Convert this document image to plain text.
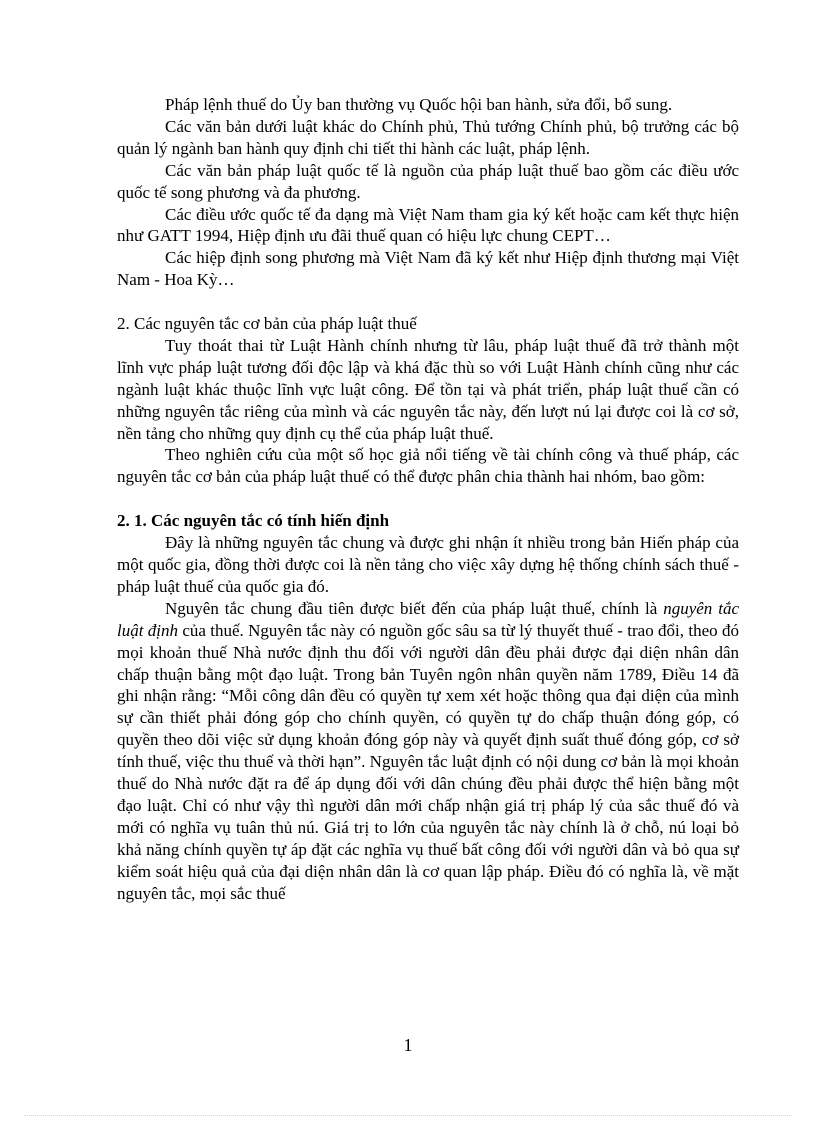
Pháp lệnh thuế do Ủy ban thường vụ Quốc hội ban hành, sửa đổi, bổ sung.

Các văn bản dưới luật khác do Chính phủ, Thủ tướng Chính phủ, bộ trưởng các bộ quản lý ngành ban hành quy định chi tiết thi hành các luật, pháp lệnh.

Các văn bản pháp luật quốc tế là nguồn của pháp luật thuế bao gồm các điều ước quốc tế song phương và đa phương.

Các điều ước quốc tế đa dạng mà Việt Nam tham gia ký kết hoặc cam kết thực hiện như GATT 1994, Hiệp định ưu đãi thuế quan có hiệu lực chung CEPT…

Các hiệp định song phương mà Việt Nam đã ký kết như Hiệp định thương mại Việt Nam - Hoa Kỳ…

2. Các nguyên tắc cơ bản của pháp luật thuế

Tuy thoát thai từ Luật Hành chính nhưng từ lâu, pháp luật thuế đã trở thành một lĩnh vực pháp luật tương đối độc lập và khá đặc thù so với Luật Hành chính cũng như các ngành luật khác thuộc lĩnh vực luật công. Để tồn tại và phát triển, pháp luật thuế cần có những nguyên tắc riêng của mình và các nguyên tắc này, đến lượt nú lại được coi là cơ sở, nền tảng cho những quy định cụ thể của pháp luật thuế.

Theo nghiên cứu của một số học giả nổi tiếng về tài chính công và thuế pháp, các nguyên tắc cơ bản của pháp luật thuế có thể được phân chia thành hai nhóm, bao gồm:

2. 1. Các nguyên tắc có tính hiến định

Đây là những nguyên tắc chung và được ghi nhận ít nhiều trong bản Hiến pháp của một quốc gia, đồng thời được coi là nền tảng cho việc xây dựng hệ thống chính sách thuế - pháp luật thuế của quốc gia đó.

Nguyên tắc chung đầu tiên được biết đến của pháp luật thuế, chính là nguyên tắc luật định của thuế. Nguyên tắc này có nguồn gốc sâu sa từ lý thuyết thuế - trao đổi, theo đó mọi khoản thuế Nhà nước định thu đối với người dân đều phải được đại diện nhân dân chấp thuận bằng một đạo luật. Trong bản Tuyên ngôn nhân quyền năm 1789, Điều 14 đã ghi nhận rằng: “Mỗi công dân đều có quyền tự xem xét hoặc thông qua đại diện của mình sự cần thiết phải đóng góp cho chính quyền, có quyền tự do chấp thuận đóng góp, có quyền theo dõi việc sử dụng khoản đóng góp này và quyết định suất thuế đóng góp, cơ sở tính thuế, việc thu thuế và thời hạn”. Nguyên tắc luật định có nội dung cơ bản là mọi khoản thuế do Nhà nước đặt ra để áp dụng đối với dân chúng đều phải được thể hiện bằng một đạo luật. Chỉ có như vậy thì người dân mới chấp nhận giá trị pháp lý của sắc thuế đó và mới có nghĩa vụ tuân thủ nú. Giá trị to lớn của nguyên tắc này chính là ở chỗ, nú loại bỏ khả năng chính quyền tự áp đặt các nghĩa vụ thuế bất công đối với người dân và bỏ qua sự kiểm soát hiệu quả của đại diện nhân dân là cơ quan lập pháp. Điều đó có nghĩa là, về mặt nguyên tắc, mọi sắc thuế

1
